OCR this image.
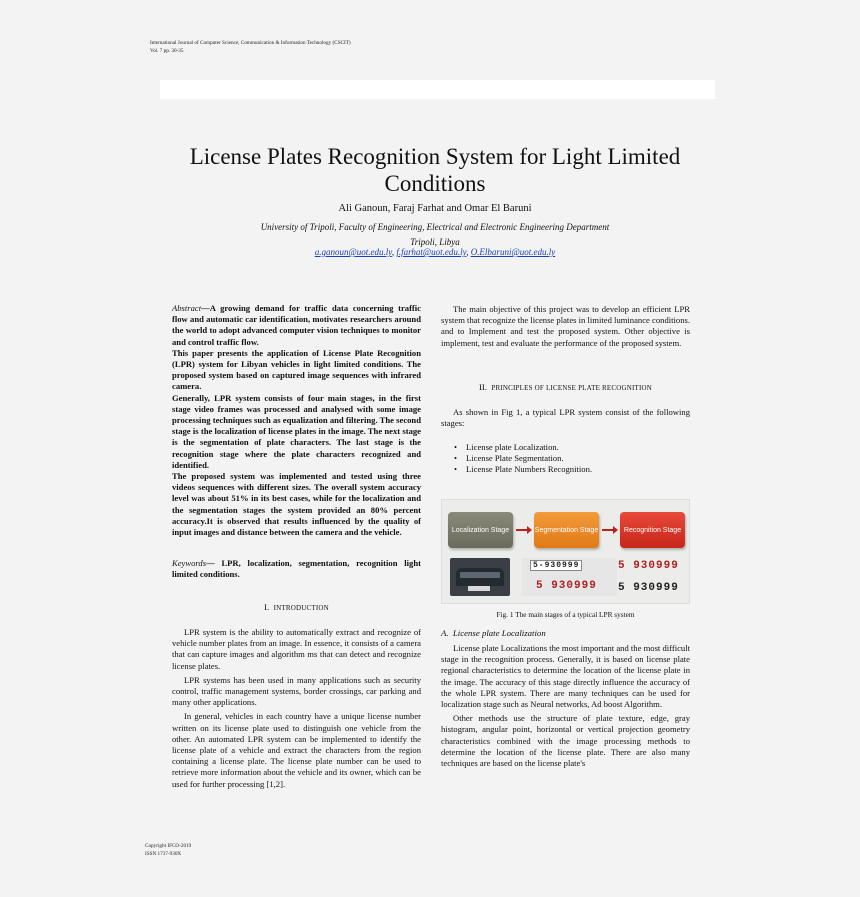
International Journal of Computer Science, Communication & Information Technology (CSCIT)
Vol. 7 pp. 30-35
License Plates Recognition System for Light Limited Conditions
Ali Ganoun, Faraj Farhat and Omar El Baruni
University of Tripoli, Faculty of Engineering, Electrical and Electronic Engineering Department
Tripoli, Libya
a.ganoun@uot.edu.ly, f.farhat@uot.edu.ly, O.Elbaruni@uot.edu.ly

Abstract—A growing demand for traffic data concerning traffic flow and automatic car identification, motivates researchers around the world to adopt advanced computer vision techniques to monitor and control traffic flow.

This paper presents the application of License Plate Recognition (LPR) system for Libyan vehicles in light limited conditions. The proposed system based on captured image sequences with infrared camera.

Generally, LPR system consists of four main stages, in the first stage video frames was processed and analysed with some image processing techniques such as equalization and filtering. The second stage is the localization of license plates in the image. The next stage is the segmentation of plate characters. The last stage is the recognition stage where the plate characters recognized and identified.

The proposed system was implemented and tested using three videos sequences with different sizes. The overall system accuracy level was about 51% in its best cases, while for the localization and the segmentation stages the system provided an 80% percent accuracy.It is observed that results influenced by the quality of input images and distance between the camera and the vehicle.

Keywords— LPR, localization, segmentation, recognition light limited conditions.
I. INTRODUCTION

LPR system is the ability to automatically extract and recognize of vehicle number plates from an image. In essence, it consists of a camera that can capture images and algorithm ms that can detect and recognize license plates.

LPR systems has been used in many applications such as security control, traffic management systems, border crossings, car parking and many other applications.

In general, vehicles in each country have a unique license number written on its license plate used to distinguish one vehicle from the other. An automated LPR system can be implemented to identify the license plate of a vehicle and extract the characters from the region containing a license plate. The license plate number can be used to retrieve more information about the vehicle and its owner, which can be used for further processing [1,2].

The main objective of this project was to develop an efficient LPR system that recognize the license plates in limited luminance conditions. and to Implement and test the proposed system. Other objective is implement, test and evaluate the performance of the proposed system.

II. PRINCIPLES OF LICENSE PLATE RECOGNITION

As shown in Fig 1, a typical LPR system consist of the following stages:

• License plate Localization.
• License Plate Segmentation.
• License Plate Numbers Recognition.
Localization Stage	Segmentation Stage	Recognition Stage
5-930999
5 930999
5 930999
5 930999
Fig. 1 The main stages of a typical LPR system
A. License plate Localization

License plate Localizations the most important and the most difficult stage in the recognition process. Generally, it is based on license plate regional characteristics to determine the location of the license plate in the image. The accuracy of this stage directly influence the accuracy of the whole LPR system. There are many techniques can be used for localization stage such as Neural networks, Ad boost Algorithm.

Other methods use the structure of plate texture, edge, gray histogram, angular point, horizontal or vertical projection geometry characteristics combined with the image processing methods to determine the location of the license plate. There are also many techniques are based on the license plate's

Copyright IFCO-2019
ISSN 1737-930X
